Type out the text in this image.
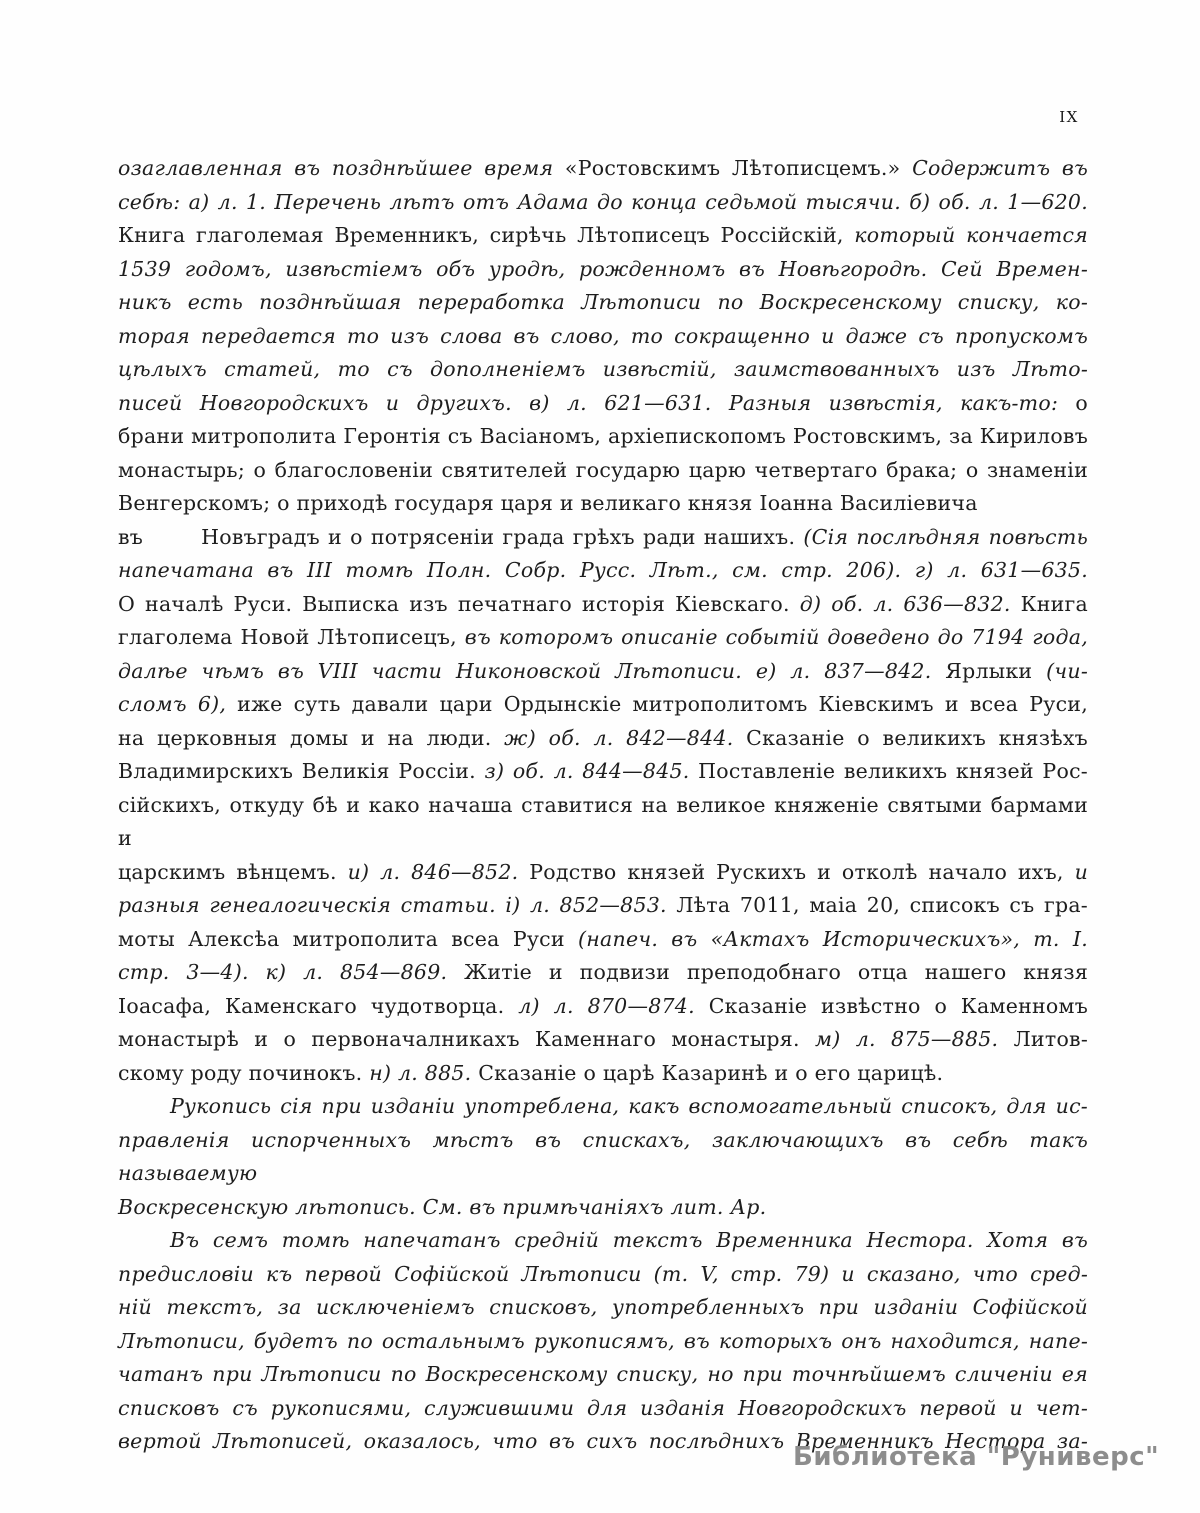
IX
озаглавленная въ позднѣйшее время «Ростовскимъ Лѣтописцемъ.» Содержитъ въ
себѣ: а) л. 1. Перечень лѣтъ отъ Адама до конца седьмой тысячи. б) об. л. 1—620.
Книга глаголемая Временникъ, сирѣчь Лѣтописецъ Россійскій, который кончается
1539 годомъ, извѣстіемъ объ уродѣ, рожденномъ въ Новѣгородѣ. Сей Времен-
никъ есть позднѣйшая переработка Лѣтописи по Воскресенскому списку, ко-
торая передается то изъ слова въ слово, то сокращенно и даже съ пропускомъ
цѣлыхъ статей, то съ дополненіемъ извѣстій, заимствованныхъ изъ Лѣто-
писей Новгородскихъ и другихъ. в) л. 621—631. Разныя извѣстія, какъ-то: о
брани митрополита Геронтія съ Васіаномъ, архіепископомъ Ростовскимъ, за Кириловъ
монастырь; о благословеніи святителей государю царю четвертаго брака; о знаменіи
Венгерскомъ; о приходѣ государя царя и великаго князя Іоанна Василіевича
въ	Новъградъ и о потрясеніи града грѣхъ ради нашихъ. (Сія послѣдняя повѣсть
напечатана въ III томѣ Полн. Собр. Русс. Лѣт., см. стр. 206). г) л. 631—635.
О началѣ Руси. Выписка изъ печатнаго исторія Кіевскаго. д) об. л. 636—832. Книга
глаголема Новой Лѣтописецъ, въ которомъ описаніе событій доведено до 7194 года,
далѣе чѣмъ въ VIII части Никоновской Лѣтописи. е) л. 837—842. Ярлыки (чи-
сломъ 6), иже суть давали цари Ордынскіе митрополитомъ Кіевскимъ и всеа Руси,
на церковныя домы и на люди. ж) об. л. 842—844. Сказаніе о великихъ князѣхъ
Владимирскихъ Великія Россіи. з) об. л. 844—845. Поставленіе великихъ князей Рос-
сійскихъ, откуду бѣ и како начаша ставитися на великое княженіе святыми бармами и
царскимъ вѣнцемъ. и) л. 846—852. Родство князей Рускихъ и отколѣ начало ихъ, и
разныя генеалогическія статьи. і) л. 852—853. Лѣта 7011, маіа 20, списокъ съ гра-
моты Алексѣа митрополита всеа Руси (напеч. въ «Актахъ Историческихъ», т. I.
стр. 3—4). к) л. 854—869. Житіе и подвизи преподобнаго отца нашего князя
Іоасафа, Каменскаго чудотворца. л) л. 870—874. Сказаніе извѣстно о Каменномъ
монастырѣ и о первоначалникахъ Каменнаго монастыря. м) л. 875—885. Литов-
скому роду починокъ. н) л. 885. Сказаніе о царѣ Казаринѣ и о его царицѣ.
Рукопись сія при изданіи употреблена, какъ вспомогательный списокъ, для ис-
правленія испорченныхъ мѣстъ въ спискахъ, заключающихъ въ себѣ такъ называемую
Воскресенскую лѣтопись. См. въ примѣчаніяхъ лит. Ар.
Въ семъ томѣ напечатанъ средній текстъ Временника Нестора. Хотя въ
предисловіи къ первой Софійской Лѣтописи (т. V, стр. 79) и сказано, что сред-
ній текстъ, за исключеніемъ списковъ, употребленныхъ при изданіи Софійской
Лѣтописи, будетъ по остальнымъ рукописямъ, въ которыхъ онъ находится, напе-
чатанъ при Лѣтописи по Воскресенскому списку, но при точнѣйшемъ сличеніи ея
списковъ съ рукописями, служившими для изданія Новгородскихъ первой и чет-
вертой Лѣтописей, оказалось, что въ сихъ послѣднихъ Временникъ Нестора за-
Библиотека "Руниверс"
